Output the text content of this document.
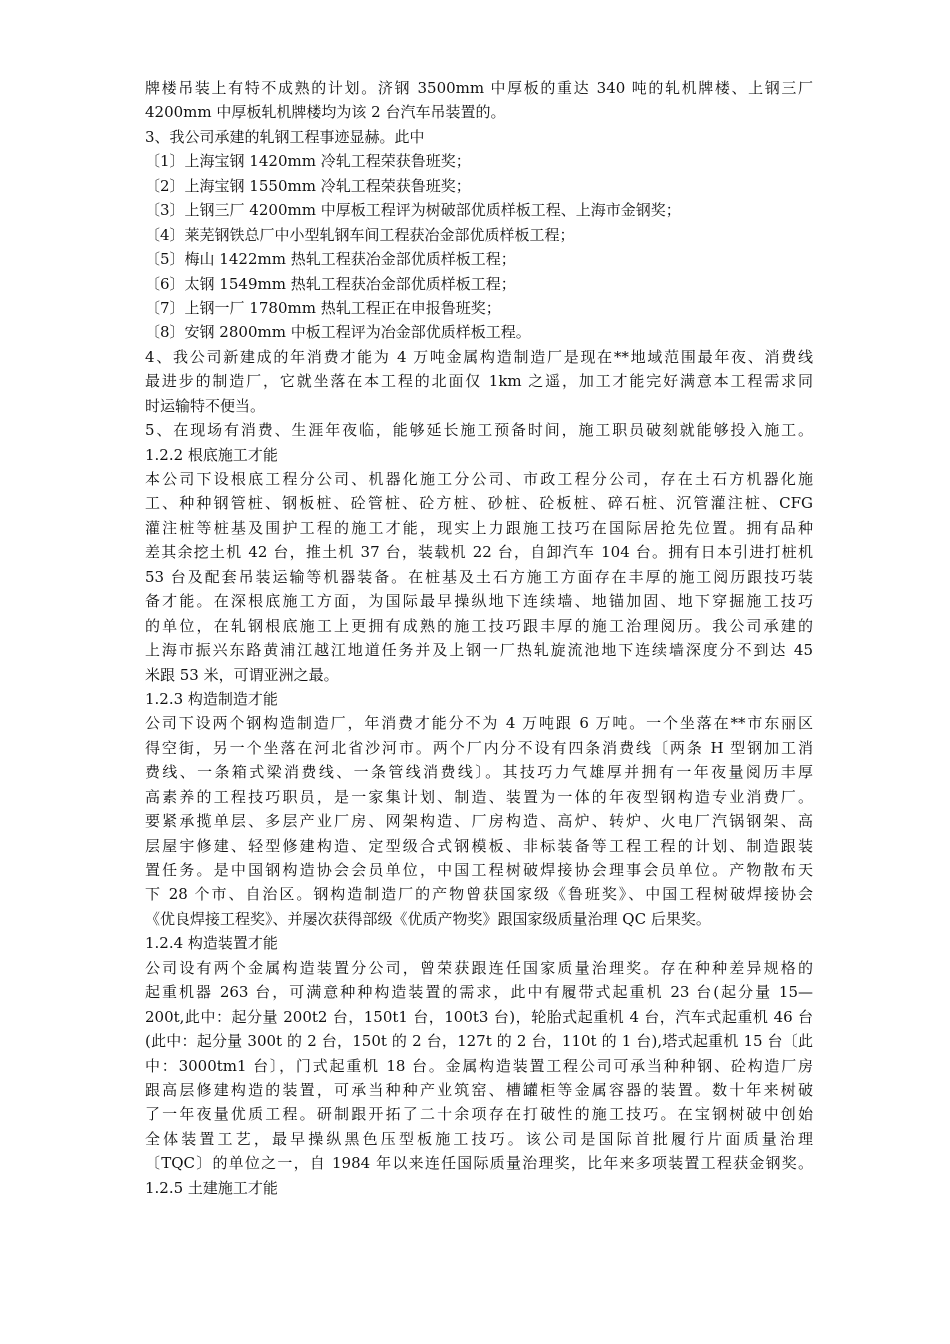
牌楼吊装上有特不成熟的计划。济钢 3500mm 中厚板的重达 340 吨的轧机牌楼、上钢三厂
4200mm 中厚板轧机牌楼均为该 2 台汽车吊装置的。
3、我公司承建的轧钢工程事迹显赫。此中
〔1〕上海宝钢 1420mm 冷轧工程荣获鲁班奖；
〔2〕上海宝钢 1550mm 冷轧工程荣获鲁班奖；
〔3〕上钢三厂 4200mm 中厚板工程评为树破部优质样板工程、上海市金钢奖；
〔4〕莱芜钢铁总厂中小型轧钢车间工程获冶金部优质样板工程；
〔5〕梅山 1422mm 热轧工程获冶金部优质样板工程；
〔6〕太钢 1549mm 热轧工程获冶金部优质样板工程；
〔7〕上钢一厂 1780mm 热轧工程正在申报鲁班奖；
〔8〕安钢 2800mm 中板工程评为冶金部优质样板工程。
4、我公司新建成的年消费才能为 4 万吨金属构造制造厂是现在**地域范围最年夜、消费线
最进步的制造厂，它就坐落在本工程的北面仅 1km 之遥，加工才能完好满意本工程需求同
时运输特不便当。
5、在现场有消费、生涯年夜临，能够延长施工预备时间，施工职员破刻就能够投入施工。
1.2.2 根底施工才能
本公司下设根底工程分公司、机器化施工分公司、市政工程分公司，存在土石方机器化施
工、种种钢管桩、钢板桩、砼管桩、砼方桩、砂桩、砼板桩、碎石桩、沉管灌注桩、CFG
灌注桩等桩基及围护工程的施工才能，现实上力跟施工技巧在国际居抢先位置。拥有品种
差其余挖土机 42 台，推土机 37 台，装载机 22 台，自卸汽车 104 台。拥有日本引进打桩机
53 台及配套吊装运输等机器装备。在桩基及土石方施工方面存在丰厚的施工阅历跟技巧装
备才能。在深根底施工方面，为国际最早操纵地下连续墙、地锚加固、地下穿掘施工技巧
的单位，在轧钢根底施工上更拥有成熟的施工技巧跟丰厚的施工治理阅历。我公司承建的
上海市振兴东路黄浦江越江地道任务并及上钢一厂热轧旋流池地下连续墙深度分不到达 45
米跟 53 米，可谓亚洲之最。
1.2.3 构造制造才能
公司下设两个钢构造制造厂，年消费才能分不为 4 万吨跟 6 万吨。一个坐落在**市东丽区
得空街，另一个坐落在河北省沙河市。两个厂内分不设有四条消费线〔两条 H 型钢加工消
费线、一条箱式梁消费线、一条管线消费线〕。其技巧力气雄厚并拥有一年夜量阅历丰厚
高素养的工程技巧职员，是一家集计划、制造、装置为一体的年夜型钢构造专业消费厂。
要紧承揽单层、多层产业厂房、网架构造、厂房构造、高炉、转炉、火电厂汽锅钢架、高
层屋宇修建、轻型修建构造、定型级合式钢模板、非标装备等工程工程的计划、制造跟装
置任务。是中国钢构造协会会员单位，中国工程树破焊接协会理事会员单位。产物散布天
下 28 个市、自治区。钢构造制造厂的产物曾获国家级《鲁班奖》、中国工程树破焊接协会
《优良焊接工程奖》、并屡次获得部级《优质产物奖》跟国家级质量治理 QC 后果奖。
1.2.4 构造装置才能
公司设有两个金属构造装置分公司，曾荣获跟连任国家质量治理奖。存在种种差异规格的
起重机器 263 台，可满意种种构造装置的需求，此中有履带式起重机 23 台(起分量 15—
200t,此中：起分量 200t2 台，150t1 台，100t3 台)，轮胎式起重机 4 台，汽车式起重机 46 台
(此中：起分量 300t 的 2 台，150t 的 2 台，127t 的 2 台，110t 的 1 台),塔式起重机 15 台〔此
中：3000tm1 台〕，门式起重机 18 台。金属构造装置工程公司可承当种种钢、砼构造厂房
跟高层修建构造的装置，可承当种种产业筑窑、槽罐柜等金属容器的装置。数十年来树破
了一年夜量优质工程。研制跟开拓了二十余项存在打破性的施工技巧。在宝钢树破中创始
全体装置工艺，最早操纵黑色压型板施工技巧。该公司是国际首批履行片面质量治理
〔TQC〕的单位之一，自 1984 年以来连任国际质量治理奖，比年来多项装置工程获金钢奖。
1.2.5 土建施工才能
